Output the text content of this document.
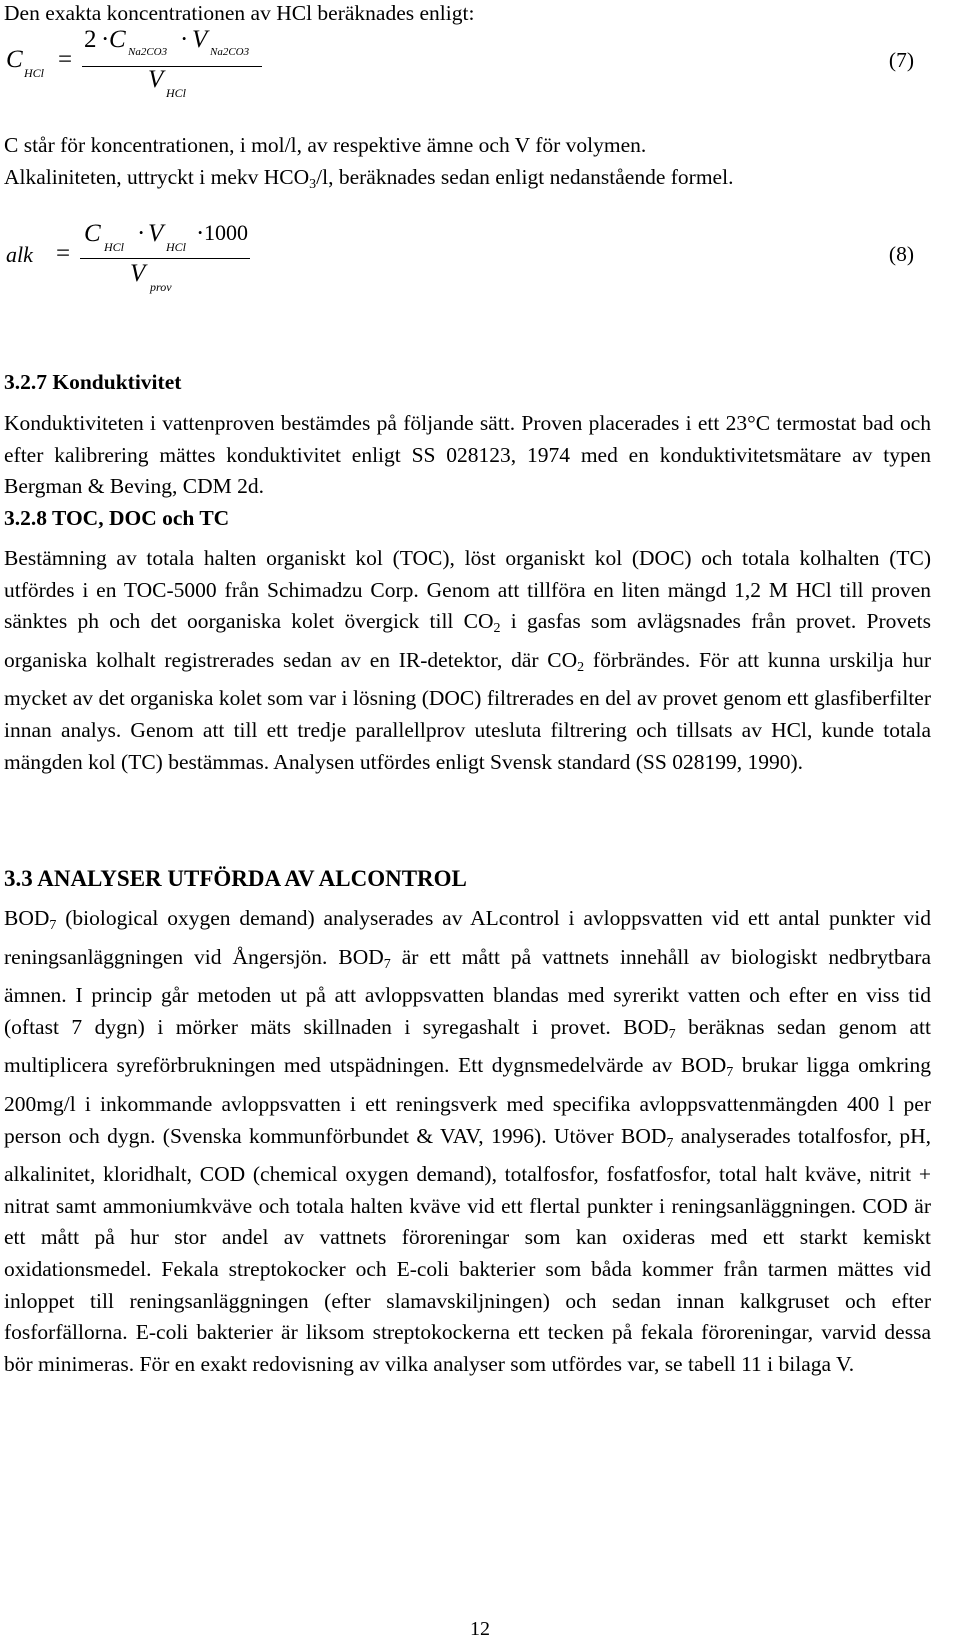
Den exakta koncentrationen av HCl beräknades enligt:

C HCl =
2 · C Na2CO3 · V Na2CO3
V HCl
(7)

C står för koncentrationen, i mol/l, av respektive ämne och V för volymen.

Alkaliniteten, uttryckt i mekv HCO3/l, beräknades sedan enligt nedanstående formel.

alk =
C HCl · V HCl · 1000
V prov
(8)

3.2.7 Konduktivitet

Konduktiviteten i vattenproven bestämdes på följande sätt. Proven placerades i ett 23°C termostat bad och efter kalibrering mättes konduktivitet enligt SS 028123, 1974 med en konduktivitetsmätare av typen Bergman & Beving, CDM 2d.

3.2.8 TOC, DOC och TC

Bestämning av totala halten organiskt kol (TOC), löst organiskt kol (DOC) och totala kolhalten (TC) utfördes i en TOC-5000 från Schimadzu Corp. Genom att tillföra en liten mängd 1,2 M HCl till proven sänktes ph och det oorganiska kolet övergick till CO2 i gasfas som avlägsnades från provet. Provets organiska kolhalt registrerades sedan av en IR-detektor, där CO2 förbrändes. För att kunna urskilja hur mycket av det organiska kolet som var i lösning (DOC) filtrerades en del av provet genom ett glasfiberfilter innan analys. Genom att till ett tredje parallellprov utesluta filtrering och tillsats av HCl, kunde totala mängden kol (TC) bestämmas. Analysen utfördes enligt Svensk standard (SS 028199, 1990).

3.3 ANALYSER UTFÖRDA AV ALCONTROL

BOD7 (biological oxygen demand) analyserades av ALcontrol i avloppsvatten vid ett antal punkter vid reningsanläggningen vid Ångersjön. BOD7 är ett mått på vattnets innehåll av biologiskt nedbrytbara ämnen. I princip går metoden ut på att avloppsvatten blandas med syrerikt vatten och efter en viss tid (oftast 7 dygn) i mörker mäts skillnaden i syregashalt i provet. BOD7 beräknas sedan genom att multiplicera syreförbrukningen med utspädningen. Ett dygnsmedelvärde av BOD7 brukar ligga omkring 200mg/l i inkommande avloppsvatten i ett reningsverk med specifika avloppsvattenmängden 400 l per person och dygn. (Svenska kommunförbundet & VAV, 1996). Utöver BOD7 analyserades totalfosfor, pH, alkalinitet, kloridhalt, COD (chemical oxygen demand), totalfosfor, fosfatfosfor, total halt kväve, nitrit + nitrat samt ammoniumkväve och totala halten kväve vid ett flertal punkter i reningsanläggningen. COD är ett mått på hur stor andel av vattnets föroreningar som kan oxideras med ett starkt kemiskt oxidationsmedel. Fekala streptokocker och E-coli bakterier som båda kommer från tarmen mättes vid inloppet till reningsanläggningen (efter slamavskiljningen) och sedan innan kalkgruset och efter fosforfällorna. E-coli bakterier är liksom streptokockerna ett tecken på fekala föroreningar, varvid dessa bör minimeras. För en exakt redovisning av vilka analyser som utfördes var, se tabell 11 i bilaga V.

12
